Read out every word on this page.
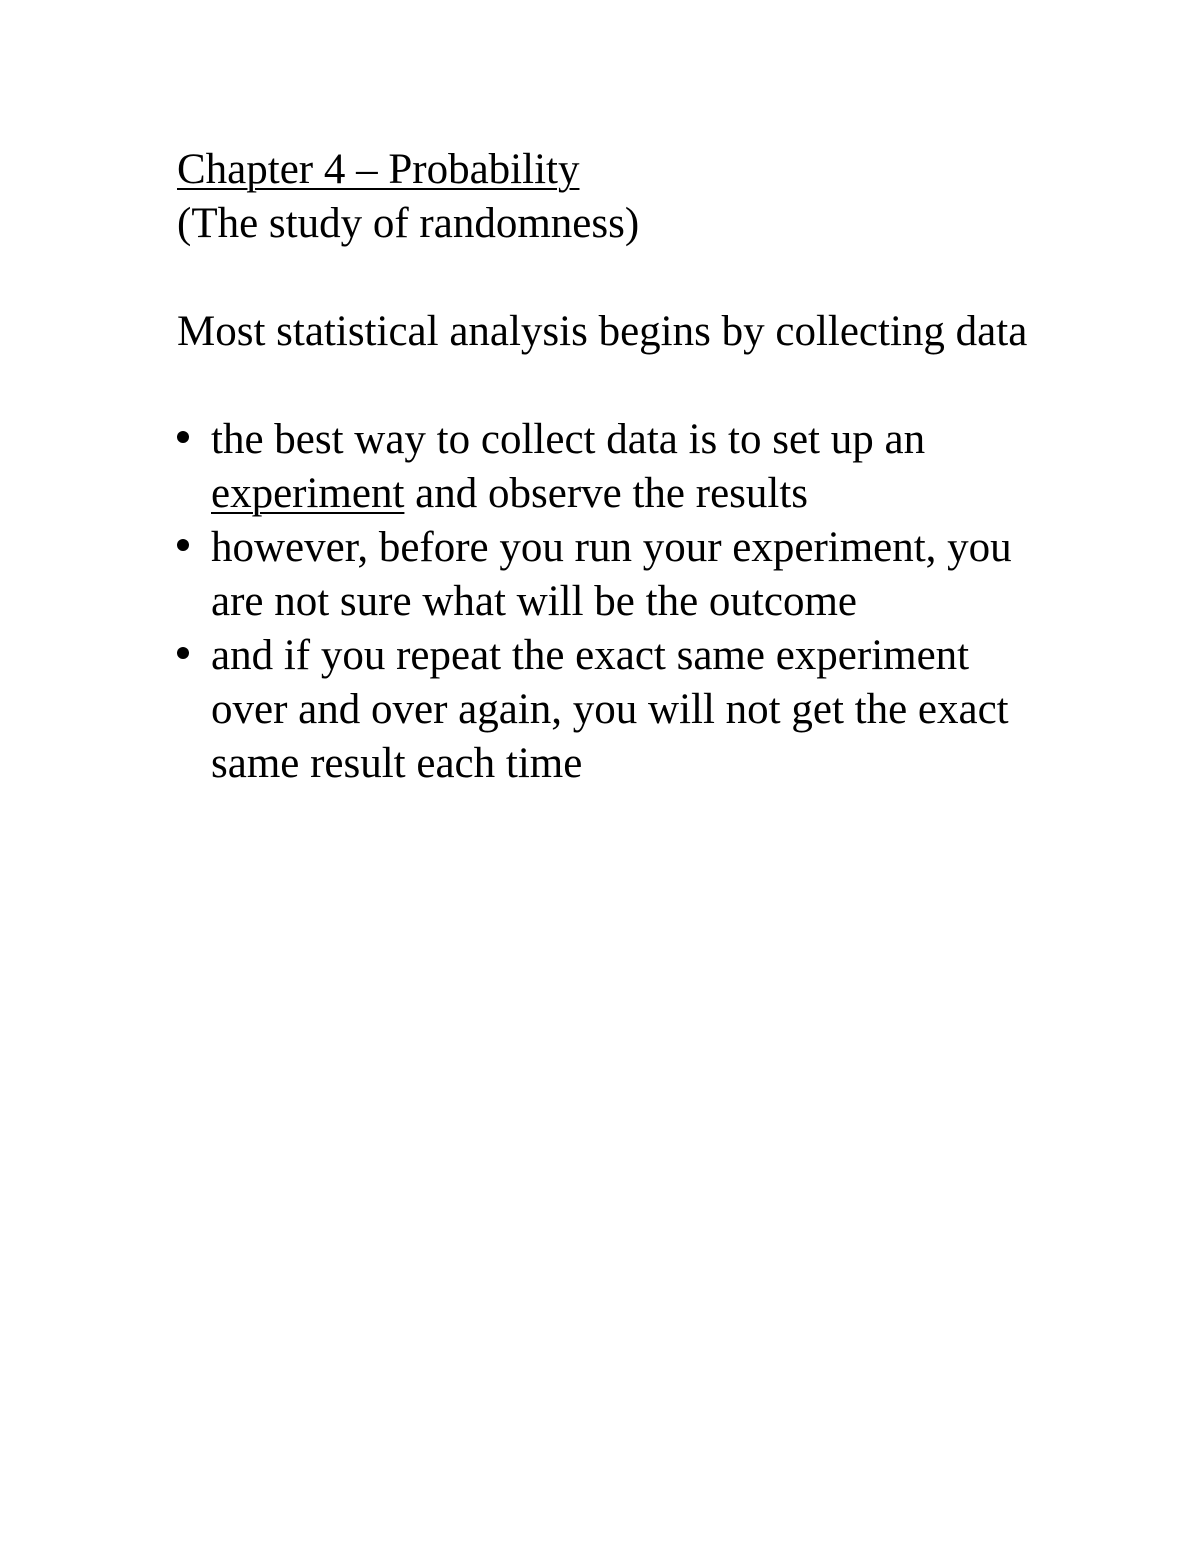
Chapter 4 – Probability

(The study of randomness)

Most statistical analysis begins by collecting data

the best way to collect data is to set up an experiment and observe the results
however, before you run your experiment, you are not sure what will be the outcome
and if you repeat the exact same experiment over and over again, you will not get the exact same result each time
